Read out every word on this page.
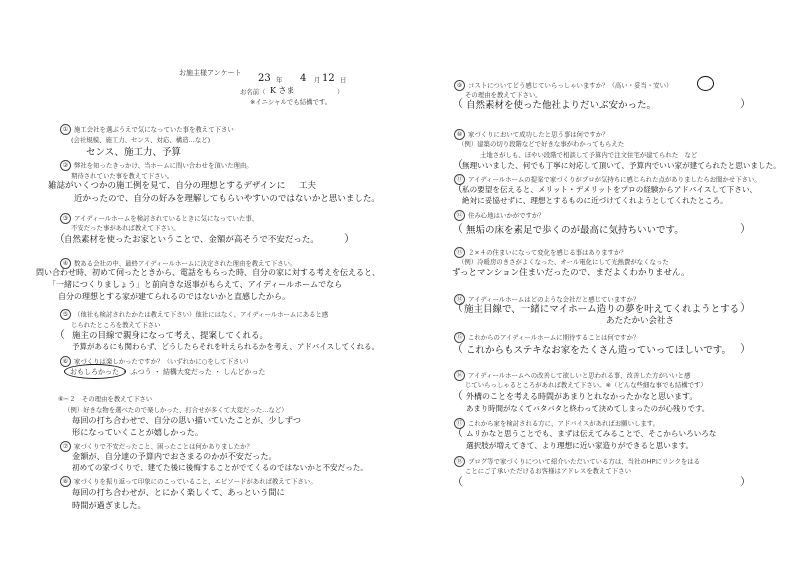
お施主様アンケート 23 年 4 月 12 日
お名前（ K さま	）
※イニシャルでも結構です。
① 施工会社を選ぶうえで気になっていた事を教えて下さい
(会社規模、施工力、センス、対応、構造…など)
センス、施工力、予算
② 弊社を知ったきっかけ、当ホームに問い合わせを頂いた理由。
期待されていた事を教えて下さい。
雑誌がいくつかの施工例を見て、自分の理想とするデザインに 工夫
近かったので、自分の好みを理解してもらいやすいのではないかと思いました。
③ アイディールホームを検討されているときに気になっていた事、
不安だった事があれば教えて下さい。
（ 自然素材を使ったお家ということで、金額が高そうで不安だった。 ）
④ 数ある会社の中、最終アイディールホームに決定された理由を教えて下さい。
問い合わせ時、初めて伺ったときから、電話をもらった時、自分の家に対する考えを伝えると、
「一緒につくりましょう」と前向きな返事がもらえて、アイディールホームでなら
自分の理想とする家が建てられるのではないかと直感したから。
⑤ （他社も検討されたかたは教えて下さい）他社にはなく、アイディールホームにあると感
じられたところを教えて下さい
（ 施主の目線で親身になって考え、提案してくれる。
予算があるにも関わらず、どうしたらそれを叶えられるかを考え、アドバイスしてくれる。
⑥ 家づくりは楽しかったですか？（いずれかに○をして下さい）
おもしろかった ・ ふつう ・ 結構大変だった ・ しんどかった
⑥−２　 その理由を教えて下さい
（例）好きな物を選べたので楽しかった、打合せが多くて大変だった…など）
毎回の打ち合わせで、自分の思い描いていたことが、少しずつ
形になっていくことが嬉しかった。
⑦ 家づくりで不安だったこと、困ったことは何かありましたか？
金額が、自分達の予算内でおさまるのかが不安だった。
初めての家づくりで、建てた後に後悔することがでてくるのではないかと不安だった。
⑧ 家づくりを振り返って印象にのこっていること、エピソードがあれば教えて下さい。
毎回の打ち合わせが、とにかく楽しくて、あっという間に
時間が過ぎました。
⑨ コストについてどう感じていらっしゃいますか？（高い・妥当・安い）
その理由を教えて下さい。
（ 自然素材を使った他社よりだいぶ安かった。	）
⑩ 家づくりにおいて成功したと思う事は何ですか？
（例）建築の切り段階などで好きな事がわかってもらえた
土地さがしも、ぼやい段階で相談して予算内で注文住宅が建てられた　など
（ 無理いいました、何でも丁寧に対応して頂いて、予算内でいい家が建てられたと思いました。
⑪ アイディールホームの提案で家づくりがプロが気持ちに感じられた点がありましたらお聞かせ下さい。
（ 私の要望を伝えると、メリット・デメリットをプロの経験からアドバイスして下さい、
絶対に妥協せずに、理想とするものに近づけてくれようとしてくれたところ。
⑫ 住み心地はいかがですか？
（ 無垢の床を素足で歩くのが最高に気持ちいいです。	）
⑬ ２×４の住まいになって変化を感じる事はありますか？
（例）冷暖房のきさがよくなった、オール電化にして光熱費がなくなった
ずっとマンション住まいだったので、まだよくわかりません。
⑭ アイディールホームはどのような会社だと感じていますか？
（ 施主目線で、一緒にマイホーム造りの夢を叶えてくれようとする
あたたかい会社さ
）
⑮ これからのアイディールホームに期待することは何ですか？
（ これからもステキなお家をたくさん造っていってほしいです。 ）
⑯ アイディールホームへの改善して欲しいと思われる事、改善した方がいいと感
じていらっしゃるところがあれば教えて下さい。※（どんな些細な事でも結構です）
（ 外構のことを考える時間があまりとれなかったかなと思います。
あまり時間がなくてバタバタと終わって決めてしまったのが心残りです。
⑰ これから家を検討される方に、アドバイスがあればお願いします。
（ ムリかなと思うことでも、まずは伝えてみることで、そこからいろいろな
選択肢が増えてきて、より理想に近い家造りができると思います。
⑱ ブログ等で家づくりについて紹介いただいている方は、当社のHPにリンクをはる
ことにご了承いただけるお客様はアドレスを教えて下さい
（	）
